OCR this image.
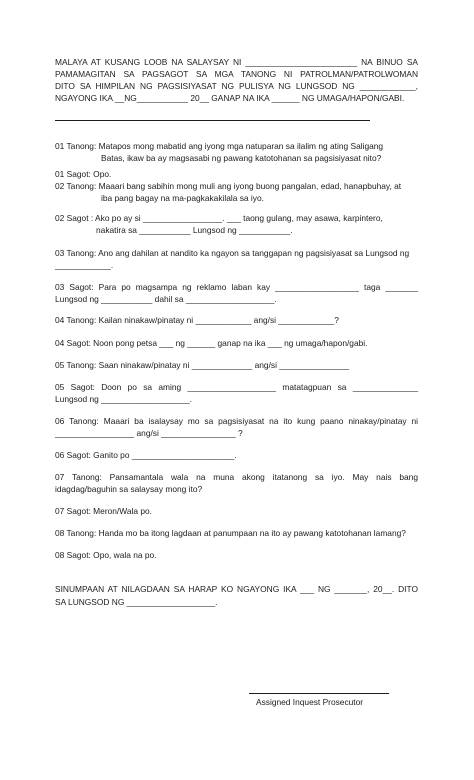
MALAYA AT KUSANG LOOB NA SALAYSAY NI ________________________ NA BINUO SA
PAMAMAGITAN SA PAGSAGOT SA MGA TANONG NI PATROLMAN/PATROLWOMAN
DITO SA HIMPILAN NG PAGSISIYASAT NG PULISYA NG LUNGSOD NG ____________,
NGAYONG IKA __NG___________ 20__ GANAP NA IKA ______ NG UMAGA/HAPON/GABI.
01 Tanong: Matapos mong mabatid ang iyong mga natuparan sa ilalim ng ating Saligang
Batas, ikaw ba ay magsasabi ng pawang katotohanan sa pagsisiyasat nito?
01 Sagot: Opo.
02 Tanong: Maaari bang sabihin mong muli ang iyong buong pangalan, edad, hanapbuhay, at
iba pang bagay na ma-pagkakakilala sa iyo.
02 Sagot : Ako po ay si _________________. ___ taong gulang, may asawa, karpintero,
nakatira sa ___________ Lungsod ng ___________.
03 Tanong: Ano ang dahilan at nandito ka ngayon sa tanggapan ng pagsisiyasat sa Lungsod ng
____________.
03 Sagot: Para po magsampa ng reklamo laban kay __________________ taga _______
Lungsod ng ___________ dahil sa ___________________.
04 Tanong: Kailan ninakaw/pinatay ni ____________ ang/si ____________?
04 Sagot: Noon pong petsa ___ ng ______ ganap na ika ___ ng umaga/hapon/gabi.
05 Tanong: Saan ninakaw/pinatay ni _____________ ang/si _______________
05 Sagot: Doon po sa aming ___________________ matatagpuan sa ______________
Lungsod ng ___________________.
06 Tanong: Maaari ba isalaysay mo sa pagsisiyasat na ito kung paano ninakay/pinatay ni
_________________ ang/si ________________ ?
06 Sagot: Ganito po ______________________.
07 Tanong: Pansamantala wala na muna akong itatanong sa iyo. May nais bang
idagdag/baguhin sa salaysay mong ito?
07 Sagot: Meron/Wala po.
08 Tanong: Handa mo ba itong lagdaan at panumpaan na ito ay pawang katotohanan lamang?
08 Sagot: Opo, wala na po.
SINUMPAAN AT NILAGDAAN SA HARAP KO NGAYONG IKA ___ NG _______, 20__. DITO
SA LUNGSOD NG ___________________.
Assigned Inquest Prosecutor
